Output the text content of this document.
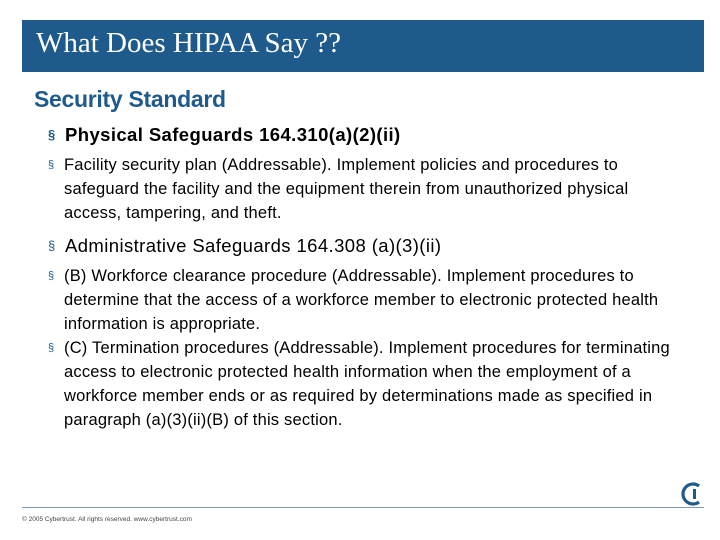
What Does HIPAA Say ??
Security Standard
§ Physical Safeguards 164.310(a)(2)(ii)
§ Facility security plan (Addressable). Implement policies and procedures to safeguard the facility and the equipment therein from unauthorized physical access, tampering, and theft.
§ Administrative Safeguards 164.308 (a)(3)(ii)
§ (B) Workforce clearance procedure (Addressable). Implement procedures to determine that the access of a workforce member to electronic protected health information is appropriate.
§ (C) Termination procedures (Addressable). Implement procedures for terminating access to electronic protected health information when the employment of a workforce member ends or as required by determinations made as specified in paragraph (a)(3)(ii)(B) of this section.
© 2005 Cybertrust. All rights reserved. www.cybertrust.com
